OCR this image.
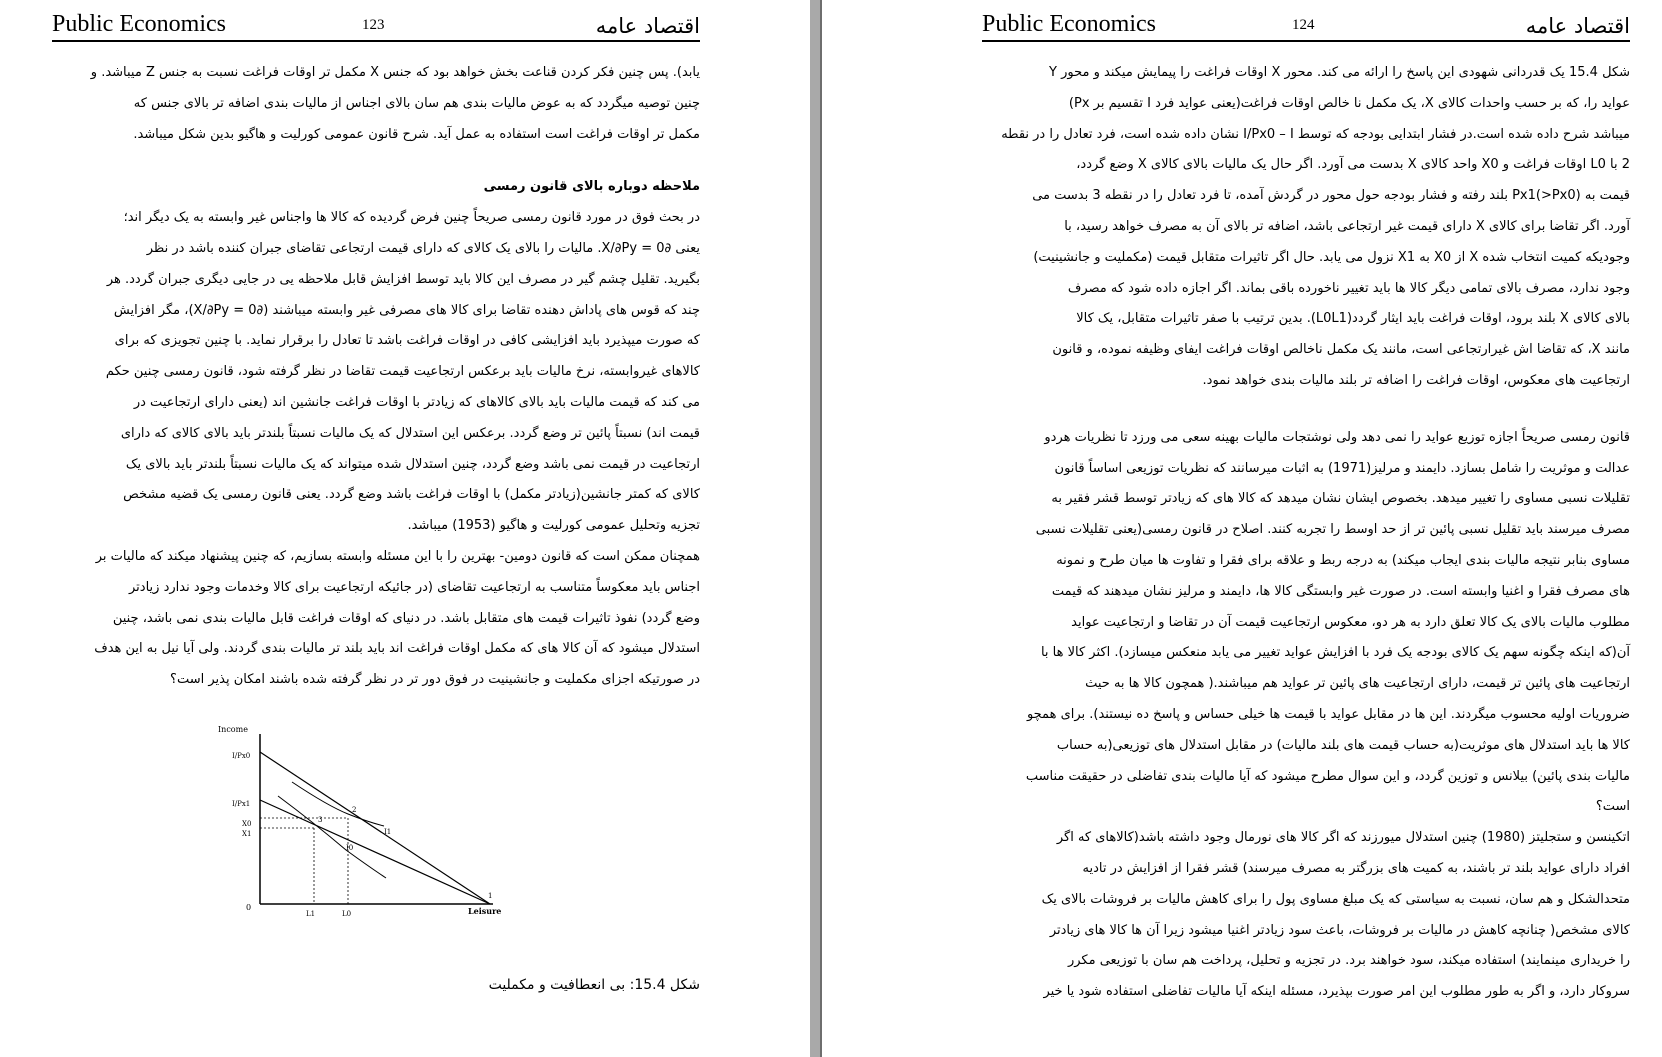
Public Economics	123	اقتصاد عامه

یابد). پس چنین فکر کردن قناعت بخش خواهد بود که جنس X مکمل تر اوقات فراغت نسبت به جنس Z میباشد. و

چنین توصیه میگردد که به عوض مالیات بندی هم سان بالای اجناس از مالیات بندی اضافه تر بالای جنس که

مکمل تر اوقات فراغت است استفاده به عمل آید. شرح قانون عمومی کورلیت و هاگیو بدین شکل میباشد.

ملاحظه دوباره بالای قانون رمسی

در بحث فوق در مورد قانون رمسی صریحاً چنین فرض گردیده که کالا ها واجناس غیر وابسته به یک دیگر اند؛

یعنی ∂X/∂Py = 0. مالیات را بالای یک کالای که دارای قیمت ارتجاعی تقاضای جبران کننده باشد در نظر

بگیرید. تقلیل چشم گیر در مصرف این کالا باید توسط افزایش قابل ملاحظه یی در جایی دیگری جبران گردد. هر

چند که قوس های پاداش دهنده تقاضا برای کالا های مصرفی غیر وابسته میباشند (∂X/∂Py = 0)، مگر افزایش

که صورت میپذیرد باید افزایشی کافی در اوقات فراغت باشد تا تعادل را برقرار نماید. با چنین تجویزی که برای

کالاهای غیروابسته، نرخ مالیات باید برعکس ارتجاعیت قیمت تقاضا در نظر گرفته شود، قانون رمسی چنین حکم

می کند که قیمت مالیات باید بالای کالاهای که زیادتر با اوقات فراغت جانشین اند (یعنی دارای ارتجاعیت در

قیمت اند) نسبتاً پائین تر وضع گردد. برعکس این استدلال که یک مالیات نسبتاً بلندتر باید بالای کالای که دارای

ارتجاعیت در قیمت نمی باشد وضع گردد، چنین استدلال شده میتواند که یک مالیات نسبتاً بلندتر باید بالای یک

کالای که کمتر جانشین(زیادتر مکمل) با اوقات فراغت باشد وضع گردد. یعنی قانون رمسی یک قضیه مشخص

تجزیه وتحلیل عمومی کورلیت و هاگیو (1953) میباشد.

همچنان ممکن است که قانون دومین- بهترین را با این مسئله وابسته بسازیم، که چنین پیشنهاد میکند که مالیات بر

اجناس باید معکوساً متناسب به ارتجاعیت تقاضای (در جائیکه ارتجاعیت برای کالا وخدمات وجود ندارد زیادتر

وضع گردد) نفوذ تاثیرات قیمت های متقابل باشد. در دنیای که اوقات فراغت قابل مالیات بندی نمی باشد، چنین

استدلال میشود که آن کالا های که مکمل اوقات فراغت اند باید بلند تر مالیات بندی گردند. ولی آیا نیل به این هدف

در صورتیکه اجزای مکملیت و جانشینیت در فوق دور تر در نظر گرفته شده باشند امکان پذیر است؟

Income
0	Leisure
I/Px0
I/Px1
X0
X1
L1	L0
1
2
3
I0
I1
شکل 15.4: بی انعطافیت و مکملیت
Public Economics	124	اقتصاد عامه

شکل 15.4 یک قدردانی شهودی این پاسخ را ارائه می کند. محور X اوقات فراغت را پیمایش میکند و محور Y

عواید را، که بر حسب واحدات کالای X، یک مکمل نا خالص اوقات فراغت(یعنی عواید فرد I تقسیم بر Px)

میباشد شرح داده شده است.در فشار ابتدایی بودجه که توسط I/Px0 – I نشان داده شده است، فرد تعادل را در نقطه

2 با L0 اوقات فراغت و X0 واحد کالای X بدست می آورد. اگر حال یک مالیات بالای کالای X وضع گردد،

قیمت به (Px1(>Px0 بلند رفته و فشار بودجه حول محور در گردش آمده، تا فرد تعادل را در نقطه 3 بدست می

آورد. اگر تقاضا برای کالای X دارای قیمت غیر ارتجاعی باشد، اضافه تر بالای آن به مصرف خواهد رسید، با

وجودیکه کمیت انتخاب شده X از X0 به X1 نزول می یابد. حال اگر تاثیرات متقابل قیمت (مکملیت و جانشینیت)

وجود ندارد، مصرف بالای تمامی دیگر کالا ها باید تغییر ناخورده باقی بماند. اگر اجازه داده شود که مصرف

بالای کالای X بلند برود، اوقات فراغت باید ایثار گردد(L0L1). بدین ترتیب با صفر تاثیرات متقابل، یک کالا

مانند X، که تقاضا اش غیرارتجاعی است، مانند یک مکمل ناخالص اوقات فراغت ایفای وظیفه نموده، و قانون

ارتجاعیت های معکوس، اوقات فراغت را اضافه تر بلند مالیات بندی خواهد نمود.

قانون رمسی صریحاً اجازه توزیع عواید را نمی دهد ولی نوشتجات مالیات بهینه سعی می ورزد تا نظریات هردو

عدالت و موثریت را شامل بسازد. دایمند و مرلیز(1971) به اثبات میرسانند که نظریات توزیعی اساساً قانون

تقلیلات نسبی مساوی را تغییر میدهد. بخصوص ایشان نشان میدهد که کالا های که زیادتر توسط قشر فقیر به

مصرف میرسند باید تقلیل نسبی پائین تر از حد اوسط را تجربه کنند. اصلاح در قانون رمسی(یعنی تقلیلات نسبی

مساوی بنابر نتیجه مالیات بندی ایجاب میکند) به درجه ربط و علاقه برای فقرا و تفاوت ها میان طرح و نمونه

های مصرف فقرا و اغنیا وابسته است. در صورت غیر وابستگی کالا ها، دایمند و مرلیز نشان میدهند که قیمت

مطلوب مالیات بالای یک کالا تعلق دارد به هر دو، معکوس ارتجاعیت قیمت آن در تقاضا و ارتجاعیت عواید

آن(که اینکه چگونه سهم یک کالای بودجه یک فرد با افزایش عواید تغییر می یابد منعکس میسازد). اکثر کالا ها با

ارتجاعیت های پائین تر قیمت، دارای ارتجاعیت های پائین تر عواید هم میباشند.( همچون کالا ها به حیث

ضروریات اولیه محسوب میگردند. این ها در مقابل عواید با قیمت ها خیلی حساس و پاسخ ده نیستند). برای همچو

کالا ها باید استدلال های موثریت(به حساب قیمت های بلند مالیات) در مقابل استدلال های توزیعی(به حساب

مالیات بندی پائین) بیلانس و توزین گردد، و این سوال مطرح میشود که آیا مالیات بندی تفاضلی در حقیقت مناسب

است؟

اتکینسن و ستجلیتز (1980) چنین استدلال میورزند که اگر کالا های نورمال وجود داشته باشد(کالاهای که اگر

افراد دارای عواید بلند تر باشند، به کمیت های بزرگتر به مصرف میرسند) قشر فقرا از افزایش در تادیه

متحدالشکل و هم سان، نسبت به سیاستی که یک مبلغ مساوی پول را برای کاهش مالیات بر فروشات بالای یک

کالای مشخص( چنانچه کاهش در مالیات بر فروشات، باعث سود زیادتر اغنیا میشود زیرا آن ها کالا های زیادتر

را خریداری مینمایند) استفاده میکند، سود خواهند برد. در تجزیه و تحلیل، پرداخت هم سان با توزیعی مکرر

سروکار دارد، و اگر به طور مطلوب این امر صورت بپذیرد، مسئله اینکه آیا مالیات تفاضلی استفاده شود یا خیر
